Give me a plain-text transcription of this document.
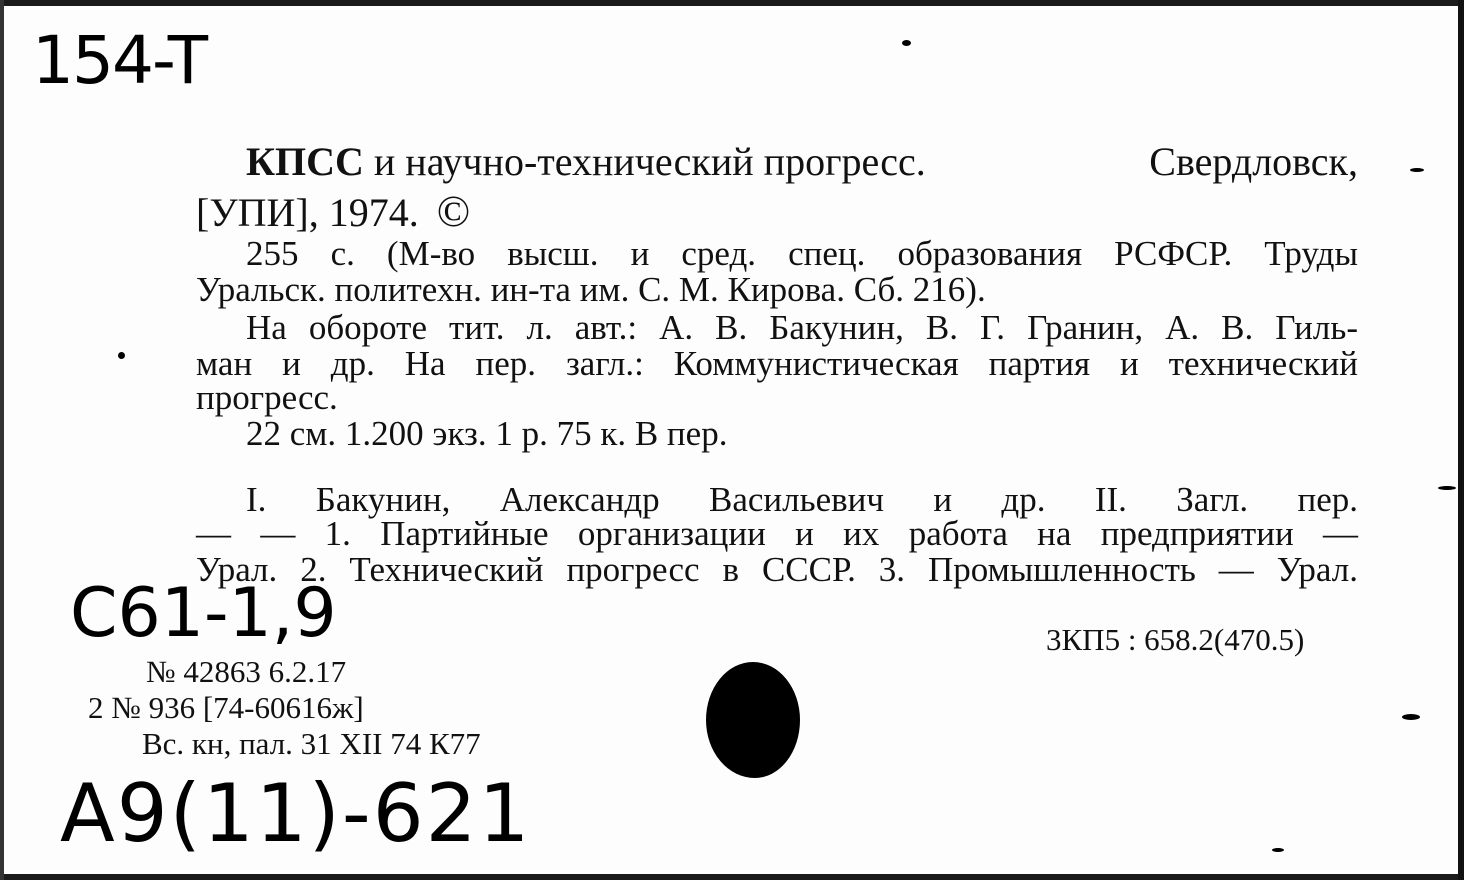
154-T
КПСС и научно-технический прогресс.	Свердловск,
[УПИ], 1974. ©
255 с. (М-во высш. и сред. спец. образования РСФСР. Труды
Уральск. политехн. ин-та им. С. М. Кирова. Сб. 216).
На обороте тит. л. авт.: А. В. Бакунин, В. Г. Гранин, А. В. Гиль-
ман и др. На пер. загл.: Коммунистическая партия и технический
прогресс.
22 см. 1.200 экз. 1 р. 75 к. В пер.
I. Бакунин, Александр Васильевич и др. II. Загл. пер.
— — 1. Партийные организации и их работа на предприятии —
Урал. 2. Технический прогресс в СССР. 3. Промышленность — Урал.
C61-1,9	3КП5 : 658.2(470.5)
№ 42863 6.2.17
2 № 936 [74-60616ж]
Вс. кн, пал. 31 XII 74 К77
A9(11)-621
